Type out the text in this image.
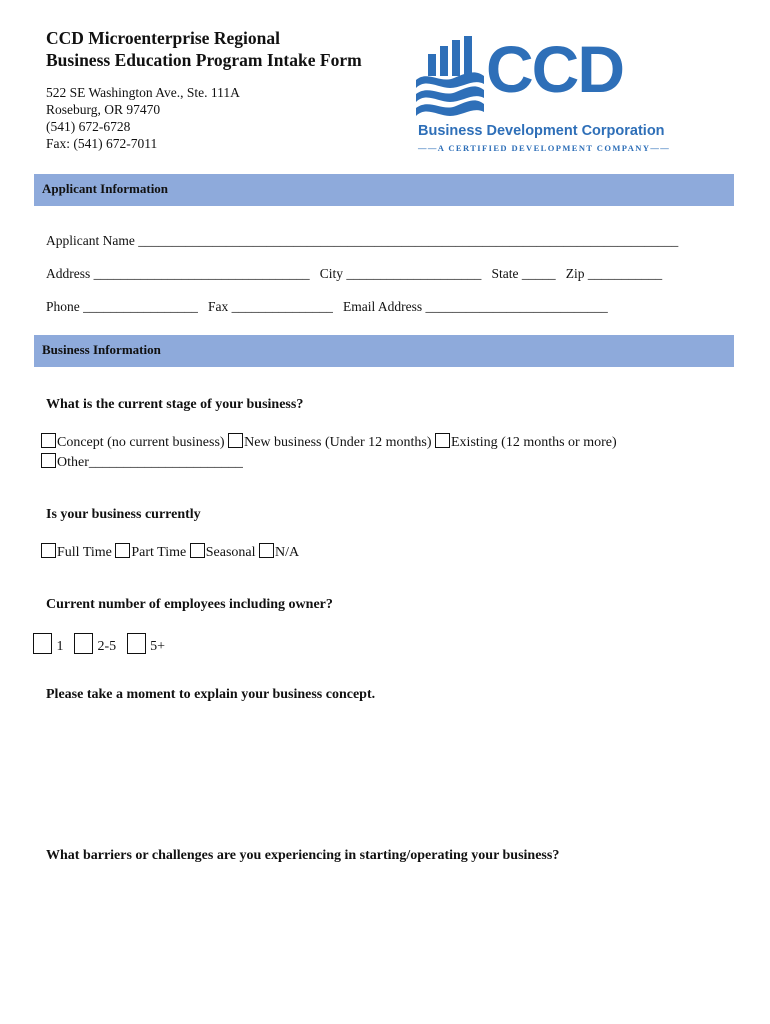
CCD Microenterprise Regional
Business Education Program Intake Form
522 SE Washington Ave., Ste. 111A
Roseburg, OR 97470
(541) 672-6728
Fax: (541) 672-7011
CCD
Business Development Corporation
——A CERTIFIED DEVELOPMENT COMPANY——
Applicant Information
Applicant Name ________________________________________________________________________________
Address ________________________________ City ____________________ State _____ Zip ___________
Phone _________________ Fax _______________ Email Address ___________________________
Business Information
What is the current stage of your business?
Concept (no current business) New business (Under 12 months) Existing (12 months or more)
Other______________________
Is your business currently
Full Time Part Time Seasonal N/A
Current number of employees including owner?
1 2-5 5+
Please take a moment to explain your business concept.
What barriers or challenges are you experiencing in starting/operating your business?
